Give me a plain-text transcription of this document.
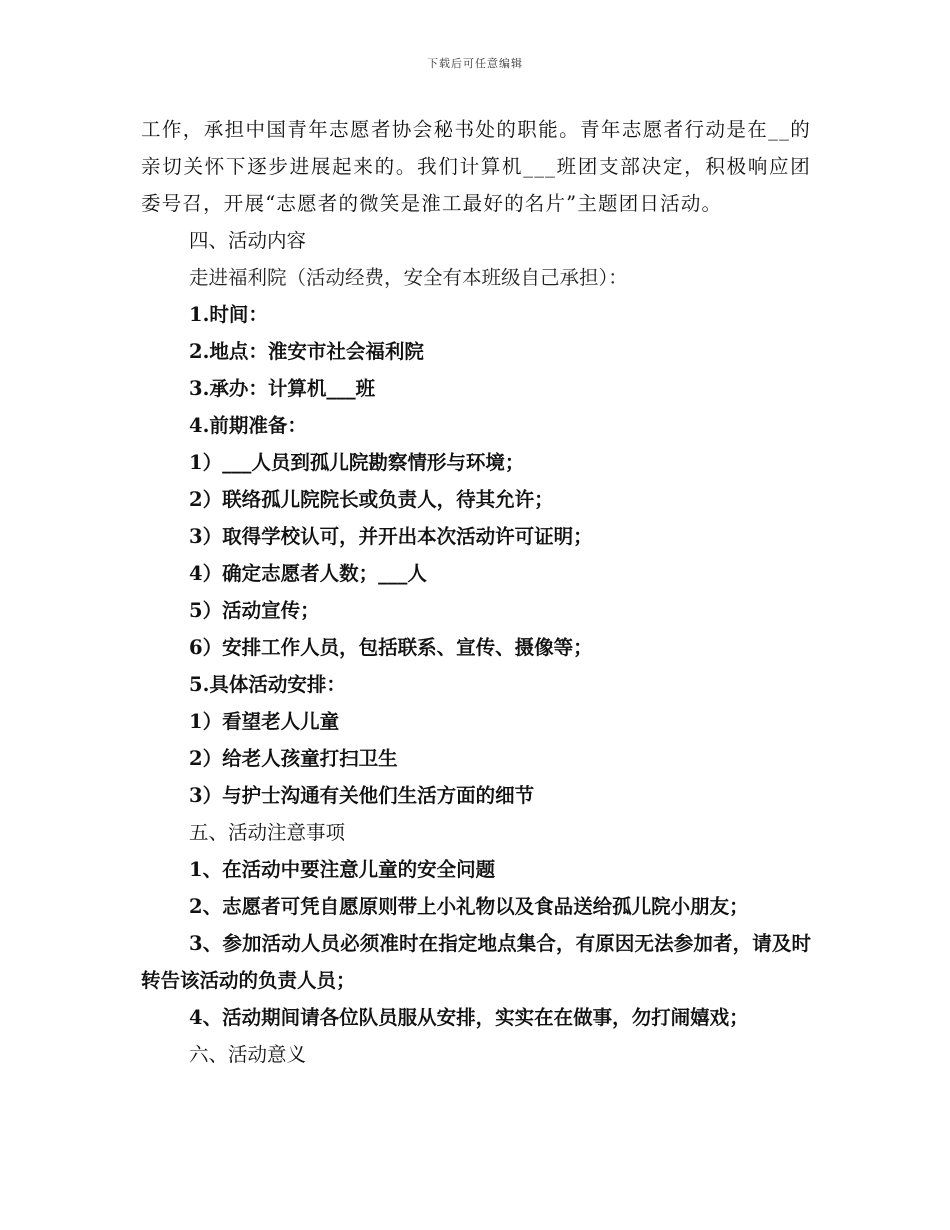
下载后可任意编辑

工作，承担中国青年志愿者协会秘书处的职能。青年志愿者行动是在__的亲切关怀下逐步进展起来的。我们计算机___班团支部决定，积极响应团委号召，开展“志愿者的微笑是淮工最好的名片”主题团日活动。

四、活动内容

走进福利院（活动经费，安全有本班级自己承担）：

1.时间：

2.地点：淮安市社会福利院

3.承办：计算机___班

4.前期准备：

1）___人员到孤儿院勘察情形与环境；

2）联络孤儿院院长或负责人，待其允许；

3）取得学校认可，并开出本次活动许可证明；

4）确定志愿者人数；___人

5）活动宣传；

6）安排工作人员，包括联系、宣传、摄像等；

5.具体活动安排：

1）看望老人儿童

2）给老人孩童打扫卫生

3）与护士沟通有关他们生活方面的细节

五、活动注意事项

1、在活动中要注意儿童的安全问题

2、志愿者可凭自愿原则带上小礼物以及食品送给孤儿院小朋友；

3、参加活动人员必须准时在指定地点集合，有原因无法参加者，请及时转告该活动的负责人员；

4、活动期间请各位队员服从安排，实实在在做事，勿打闹嬉戏；

六、活动意义
